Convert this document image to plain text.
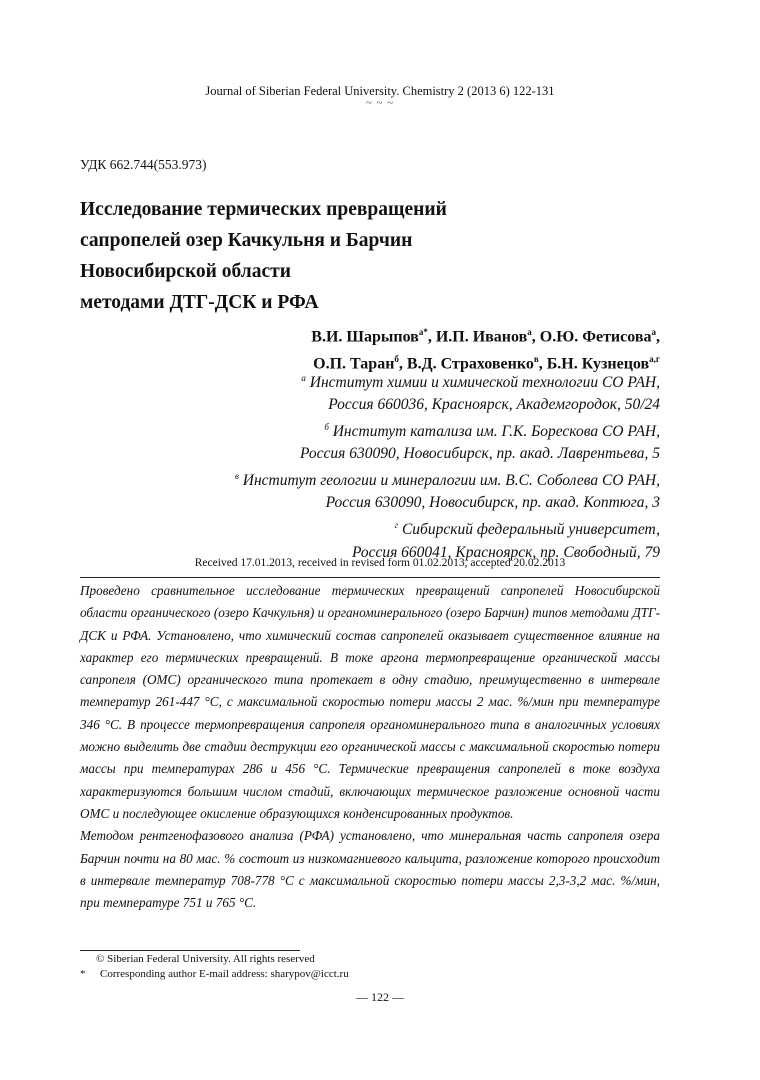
Journal of Siberian Federal University. Chemistry 2 (2013 6) 122-131
~ ~ ~
УДК 662.744(553.973)
Исследование термических превращений
сапропелей озер Качкульня и Барчин
Новосибирской области
методами ДТГ-ДСК и РФА
В.И. Шарыпов$^{а*}$, И.П. Иванов$^а$, О.Ю. Фетисова$^а$,
О.П. Таран$^б$, В.Д. Страховенко$^в$, Б.Н. Кузнецов$^{а,г}$
$^а$ Институт химии и химической технологии СО РАН,
Россия 660036, Красноярск, Академгородок, 50/24
$^б$ Институт катализа им. Г.К. Борескова СО РАН,
Россия 630090, Новосибирск, пр. акад. Лаврентьева, 5
$^в$ Институт геологии и минералогии им. В.С. Соболева СО РАН,
Россия 630090, Новосибирск, пр. акад. Коптюга, 3
$^г$ Сибирский федеральный университет,
Россия 660041, Красноярск, пр. Свободный, 79
Received 17.01.2013, received in revised form 01.02.2013, accepted 20.02.2013

Проведено сравнительное исследование термических превращений сапропелей Новосибирской области органического (озеро Качкульня) и органоминерального (озеро Барчин) типов методами ДТГ-ДСК и РФА. Установлено, что химический состав сапропелей оказывает существенное влияние на характер его термических превращений. В токе аргона термопревращение органической массы сапропеля (ОМС) органического типа протекает в одну стадию, преимущественно в интервале температур 261-447 °С, с максимальной скоростью потери массы 2 мас. %/мин при температуре 346 °С. В процессе термопревращения сапропеля органоминерального типа в аналогичных условиях можно выделить две стадии деструкции его органической массы с максимальной скоростью потери массы при температурах 286 и 456 °С. Термические превращения сапропелей в токе воздуха характеризуются большим числом стадий, включающих термическое разложение основной части ОМС и последующее окисление образующихся конденсированных продуктов.

Методом рентгенофазового анализа (РФА) установлено, что минеральная часть сапропеля озера Барчин почти на 80 мас. % состоит из низкомагниевого кальцита, разложение которого происходит в интервале температур 708-778 °С с максимальной скоростью потери массы 2,3-3,2 мас. %/мин, при температуре 751 и 765 °С.

© Siberian Federal University. All rights reserved
* Corresponding author E-mail address: sharypov@icct.ru
— 122 —
